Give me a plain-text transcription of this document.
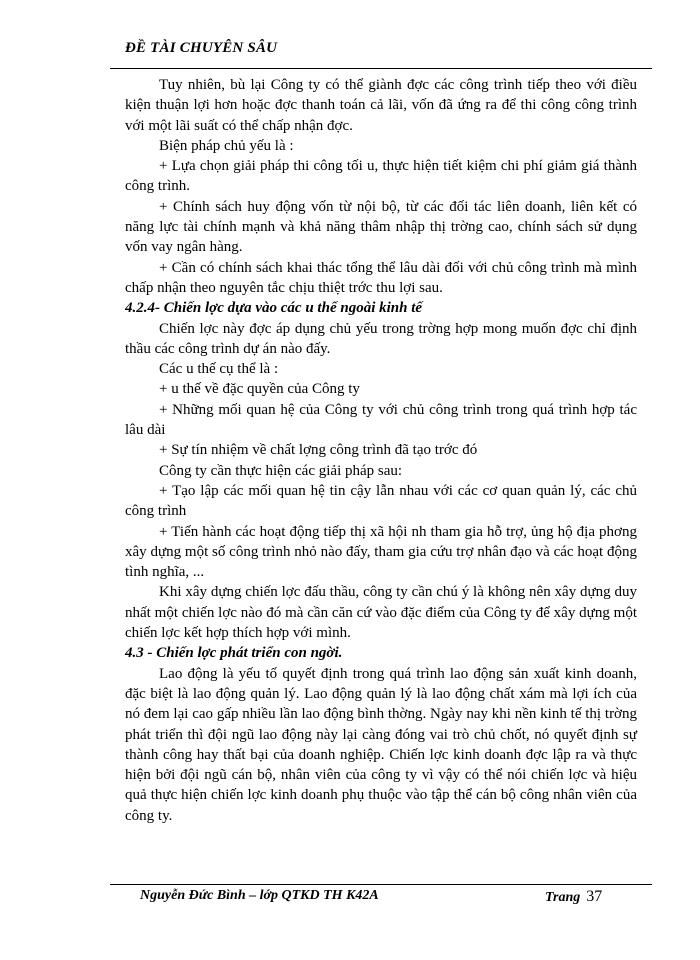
ĐỀ TÀI CHUYÊN SÂU
Tuy nhiên, bù lại Công ty có thể giành đợc các công trình tiếp theo với điều kiện thuận lợi hơn hoặc đợc thanh toán cả lãi, vốn đã ứng ra để thi công công trình với một lãi suất có thể chấp nhận đợc.
Biện pháp chủ yếu là :
+ Lựa chọn giải pháp thi công tối u, thực hiện tiết kiệm chi phí giảm giá thành công trình.
+ Chính sách huy động vốn từ nội bộ, từ các đối tác liên doanh, liên kết có năng lực tài chính mạnh và khả năng thâm nhập thị trờng cao, chính sách sử dụng vốn vay ngân hàng.
+ Cần có chính sách khai thác tổng thể lâu dài đối với chủ công trình mà mình chấp nhận theo nguyên tắc chịu thiệt trớc thu lợi sau.
4.2.4- Chiến lợc dựa vào các u thế ngoài kinh tế
Chiến lợc này đợc áp dụng chủ yếu trong trờng hợp mong muốn đợc chỉ định thầu các công trình dự án nào đấy.
Các u thế cụ thể là :
+ u thế về đặc quyền của Công ty
+ Những mối quan hệ của Công ty với chủ công trình trong quá trình hợp tác lâu dài
+ Sự tín nhiệm về chất lợng công trình đã tạo trớc đó
Công ty cần thực hiện các giải pháp sau:
+ Tạo lập các mối quan hệ tin cậy lẫn nhau với các cơ quan quản lý, các chủ công trình
+ Tiến hành các hoạt động tiếp thị xã hội nh tham gia hỗ trợ, ủng hộ địa phơng xây dựng một số công trình nhỏ nào đấy, tham gia cứu trợ nhân đạo và các hoạt động tình nghĩa, ...
Khi xây dựng chiến lợc đấu thầu, công ty cần chú ý là không nên xây dựng duy nhất một chiến lợc nào đó mà cần căn cứ vào đặc điểm của Công ty để xây dựng một chiến lợc kết hợp thích hợp với mình.
4.3 - Chiến lợc phát triển con ngời.
Lao động là yếu tố quyết định trong quá trình lao động sản xuất kinh doanh, đặc biệt là lao động quản lý. Lao động quản lý là lao động chất xám mà lợi ích của nó đem lại cao gấp nhiều lần lao động bình thờng. Ngày nay khi nền kinh tế thị trờng phát triển thì đội ngũ lao động này lại càng đóng vai trò chủ chốt, nó quyết định sự thành công hay thất bại của doanh nghiệp. Chiến lợc kinh doanh đợc lập ra và thực hiện bởi đội ngũ cán bộ, nhân viên của công ty vì vậy có thể nói chiến lợc và hiệu quả thực hiện chiến lợc kinh doanh phụ thuộc vào tập thể cán bộ công nhân viên của công ty.
Nguyễn Đức Bình – lớp QTKD TH K42A	Trang 37
